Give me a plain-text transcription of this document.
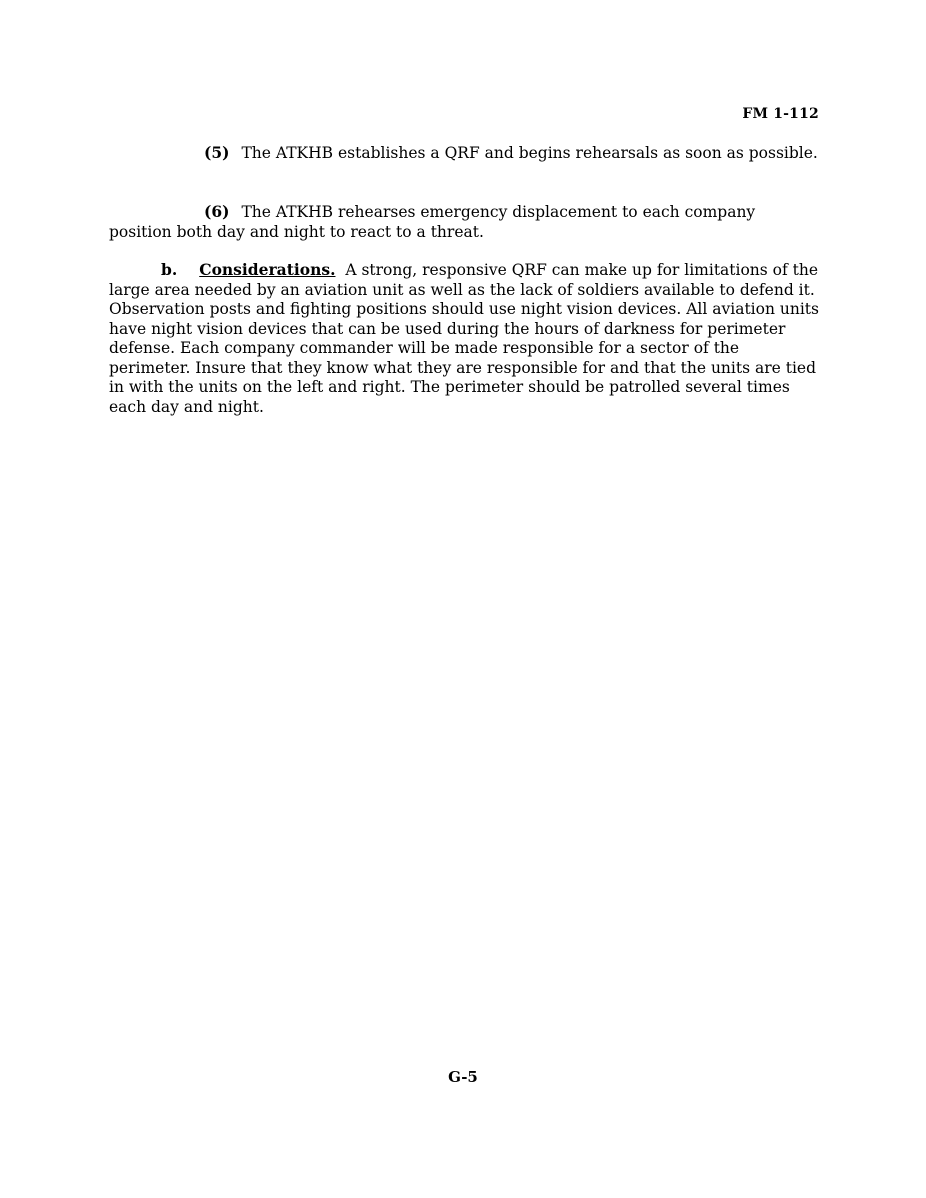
FM 1-112
(5) The ATKHB establishes a QRF and begins rehearsals as soon as possible.
(6) The ATKHB rehearses emergency displacement to each company position both day and night to react to a threat.
b. Considerations. A strong, responsive QRF can make up for limitations of the large area needed by an aviation unit as well as the lack of soldiers available to defend it. Observation posts and fighting positions should use night vision devices. All aviation units have night vision devices that can be used during the hours of darkness for perimeter defense. Each company commander will be made responsible for a sector of the perimeter. Insure that they know what they are responsible for and that the units are tied in with the units on the left and right. The perimeter should be patrolled several times each day and night.
G-5
